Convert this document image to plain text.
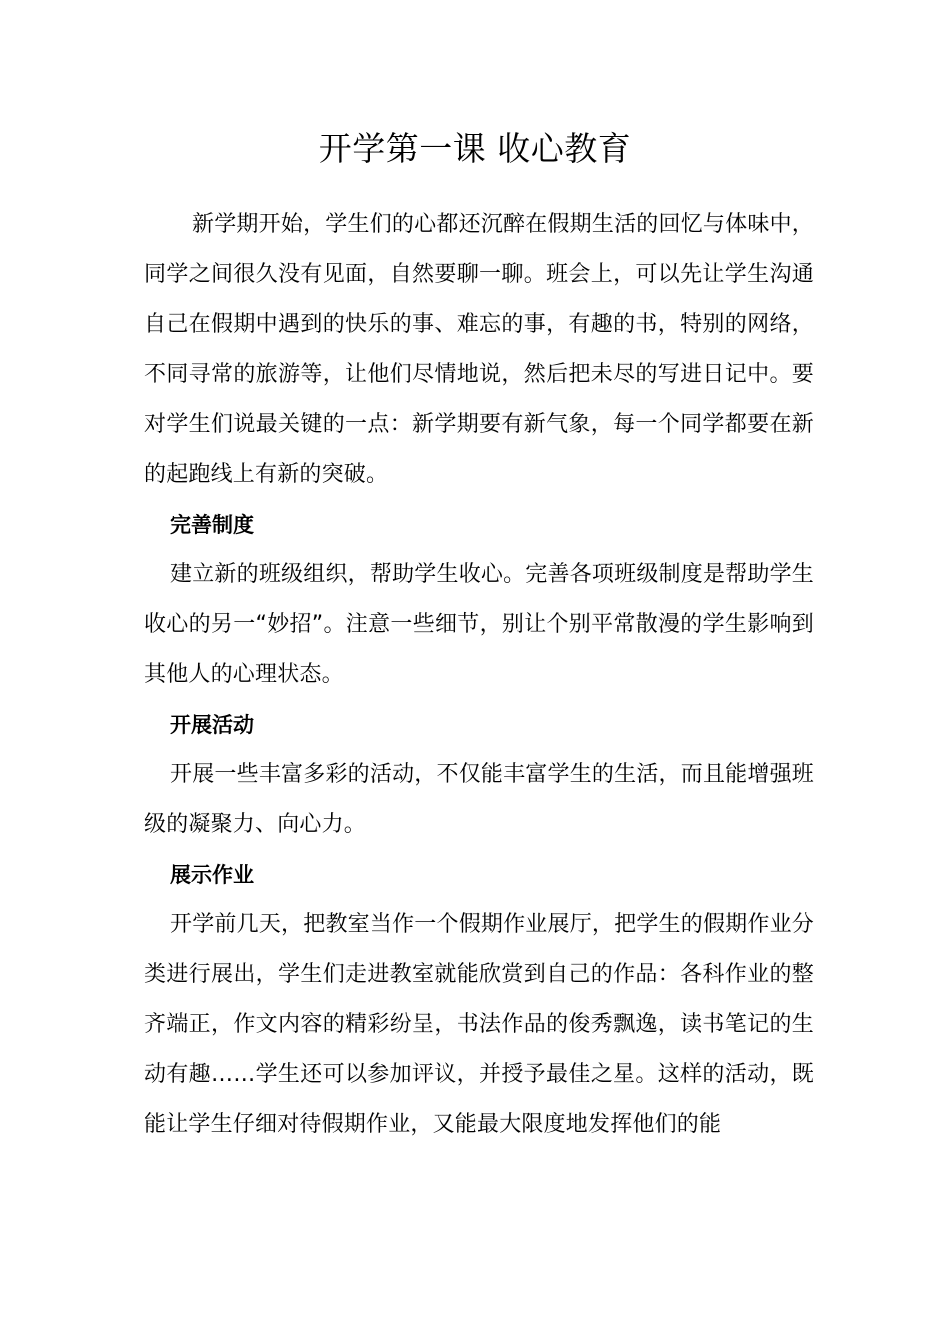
开学第一课 收心教育

新学期开始，学生们的心都还沉醉在假期生活的回忆与体味中，同学之间很久没有见面，自然要聊一聊。班会上，可以先让学生沟通自己在假期中遇到的快乐的事、难忘的事，有趣的书，特别的网络，不同寻常的旅游等，让他们尽情地说，然后把未尽的写进日记中。要对学生们说最关键的一点：新学期要有新气象，每一个同学都要在新的起跑线上有新的突破。

完善制度

建立新的班级组织，帮助学生收心。完善各项班级制度是帮助学生收心的另一“妙招”。注意一些细节，别让个别平常散漫的学生影响到其他人的心理状态。

开展活动

开展一些丰富多彩的活动，不仅能丰富学生的生活，而且能增强班级的凝聚力、向心力。

展示作业

开学前几天，把教室当作一个假期作业展厅，把学生的假期作业分类进行展出，学生们走进教室就能欣赏到自己的作品：各科作业的整齐端正，作文内容的精彩纷呈，书法作品的俊秀飘逸，读书笔记的生动有趣……学生还可以参加评议，并授予最佳之星。这样的活动，既能让学生仔细对待假期作业，又能最大限度地发挥他们的能
